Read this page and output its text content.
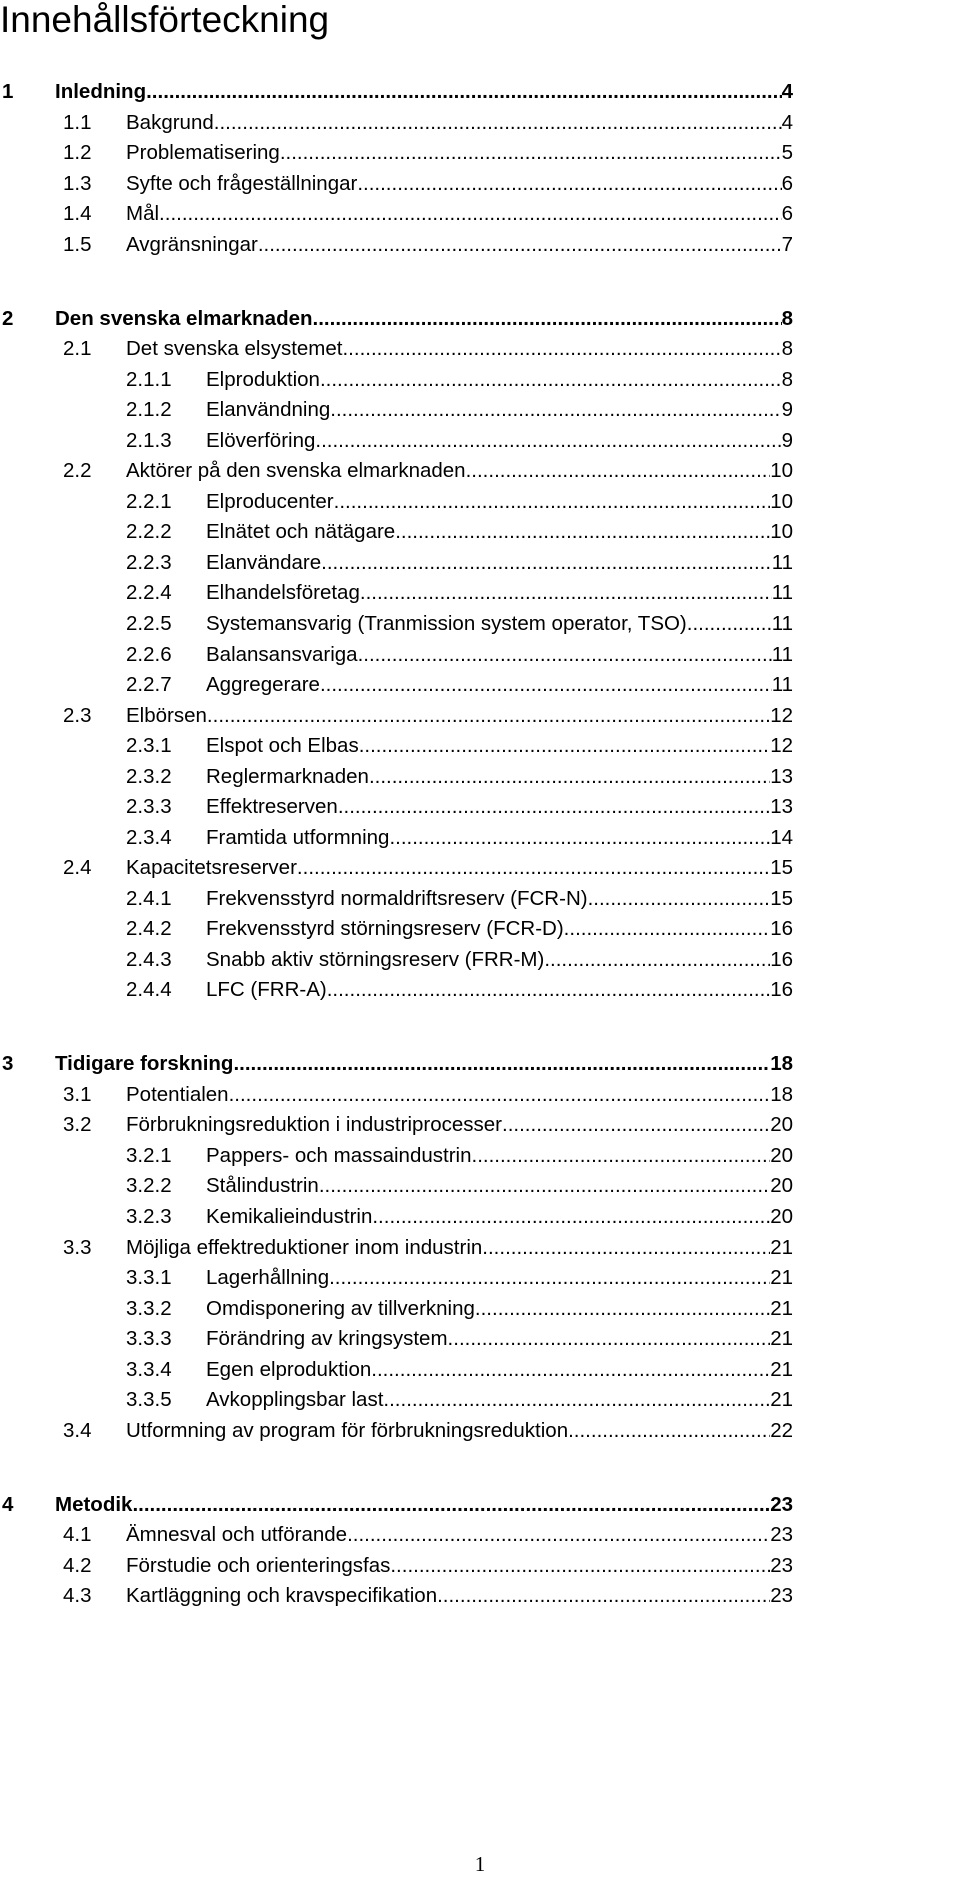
Innehållsförteckning
1 Inledning .....	4
1.1 Bakgrund .....	4
1.2 Problematisering .....	5
1.3 Syfte och frågeställningar .....	6
1.4 Mål .....	6
1.5 Avgränsningar .....	7
2 Den svenska elmarknaden .....	8
2.1 Det svenska elsystemet .....	8
2.1.1 Elproduktion .....	8
2.1.2 Elanvändning .....	9
2.1.3 Elöverföring .....	9
2.2 Aktörer på den svenska elmarknaden .....	10
2.2.1 Elproducenter .....	10
2.2.2 Elnätet och nätägare .....	10
2.2.3 Elanvändare .....	11
2.2.4 Elhandelsföretag .....	11
2.2.5 Systemansvarig (Tranmission system operator, TSO) .....	11
2.2.6 Balansansvariga .....	11
2.2.7 Aggregerare .....	11
2.3 Elbörsen .....	12
2.3.1 Elspot och Elbas .....	12
2.3.2 Reglermarknaden .....	13
2.3.3 Effektreserven .....	13
2.3.4 Framtida utformning .....	14
2.4 Kapacitetsreserver .....	15
2.4.1 Frekvensstyrd normaldriftsreserv (FCR-N) .....	15
2.4.2 Frekvensstyrd störningsreserv (FCR-D) .....	16
2.4.3 Snabb aktiv störningsreserv (FRR-M) .....	16
2.4.4 LFC (FRR-A) .....	16
3 Tidigare forskning .....	18
3.1 Potentialen .....	18
3.2 Förbrukningsreduktion i industriprocesser .....	20
3.2.1 Pappers- och massaindustrin .....	20
3.2.2 Stålindustrin .....	20
3.2.3 Kemikalieindustrin .....	20
3.3 Möjliga effektreduktioner inom industrin .....	21
3.3.1 Lagerhållning .....	21
3.3.2 Omdisponering av tillverkning .....	21
3.3.3 Förändring av kringsystem .....	21
3.3.4 Egen elproduktion .....	21
3.3.5 Avkopplingsbar last .....	21
3.4 Utformning av program för förbrukningsreduktion .....	22
4 Metodik .....	23
4.1 Ämnesval och utförande .....	23
4.2 Förstudie och orienteringsfas .....	23
4.3 Kartläggning och kravspecifikation .....	23
1
